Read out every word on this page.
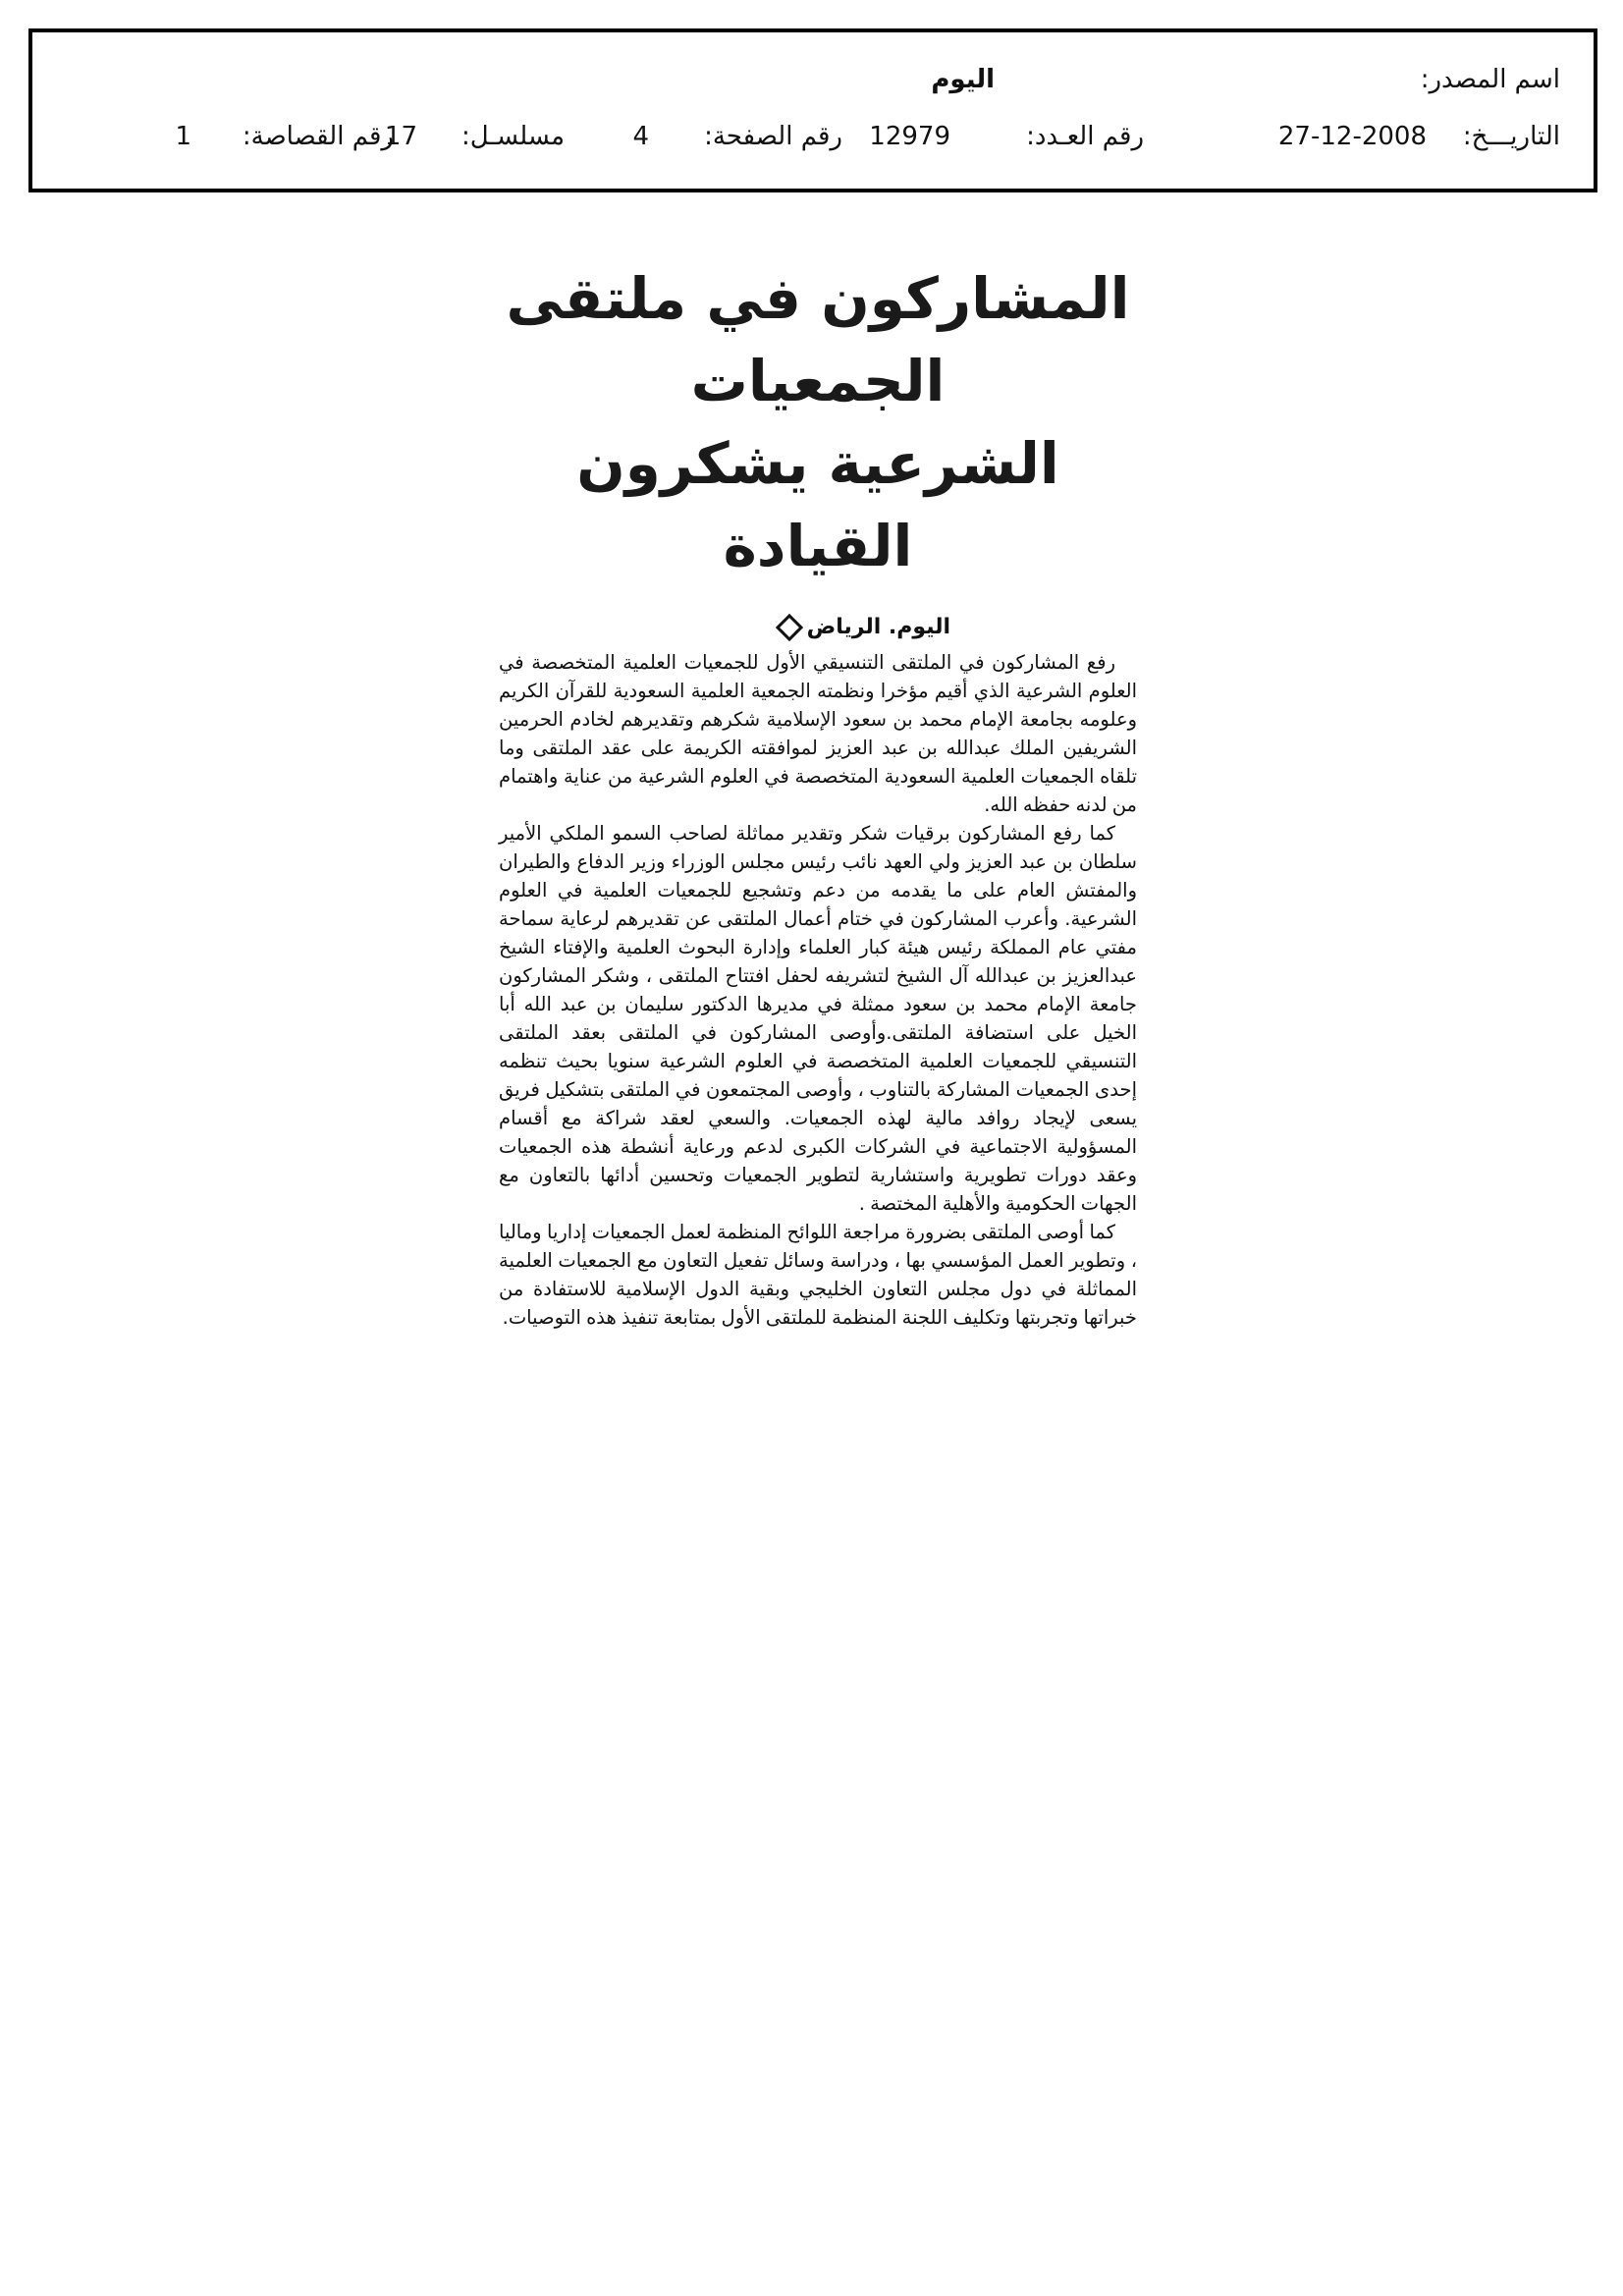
اسم المصدر:
اليوم
التاريـــخ:
27-12-2008
رقم العـدد:
12979
رقم الصفحة:
4
مسلسـل:
17
رقم القصاصة:
1
المشاركون في ملتقى الجمعيات
الشرعية يشكرون القيادة
اليوم. الرياض

رفع المشاركون في الملتقى التنسيقي الأول للجمعيات العلمية المتخصصة في العلوم الشرعية الذي أقيم مؤخرا ونظمته الجمعية العلمية السعودية للقرآن الكريم وعلومه بجامعة الإمام محمد بن سعود الإسلامية شكرهم وتقديرهم لخادم الحرمين الشريفين الملك عبدالله بن عبد العزيز لموافقته الكريمة على عقد الملتقى وما تلقاه الجمعيات العلمية السعودية المتخصصة في العلوم الشرعية من عناية واهتمام من لدنه حفظه الله.

كما رفع المشاركون برقيات شكر وتقدير مماثلة لصاحب السمو الملكي الأمير سلطان بن عبد العزيز ولي العهد نائب رئيس مجلس الوزراء وزير الدفاع والطيران والمفتش العام على ما يقدمه من دعم وتشجيع للجمعيات العلمية في العلوم الشرعية. وأعرب المشاركون في ختام أعمال الملتقى عن تقديرهم لرعاية سماحة مفتي عام المملكة رئيس هيئة كبار العلماء وإدارة البحوث العلمية والإفتاء الشيخ عبدالعزيز بن عبدالله آل الشيخ لتشريفه لحفل افتتاح الملتقى ، وشكر المشاركون جامعة الإمام محمد بن سعود ممثلة في مديرها الدكتور سليمان بن عبد الله أبا الخيل على استضافة الملتقى.وأوصى المشاركون في الملتقى بعقد الملتقى التنسيقي للجمعيات العلمية المتخصصة في العلوم الشرعية سنويا بحيث تنظمه إحدى الجمعيات المشاركة بالتناوب ، وأوصى المجتمعون في الملتقى بتشكيل فريق يسعى لإيجاد روافد مالية لهذه الجمعيات. والسعي لعقد شراكة مع أقسام المسؤولية الاجتماعية في الشركات الكبرى لدعم ورعاية أنشطة هذه الجمعيات وعقد دورات تطويرية واستشارية لتطوير الجمعيات وتحسين أدائها بالتعاون مع الجهات الحكومية والأهلية المختصة .

كما أوصى الملتقى بضرورة مراجعة اللوائح المنظمة لعمل الجمعيات إداريا وماليا ، وتطوير العمل المؤسسي بها ، ودراسة وسائل تفعيل التعاون مع الجمعيات العلمية المماثلة في دول مجلس التعاون الخليجي وبقية الدول الإسلامية للاستفادة من خبراتها وتجربتها وتكليف اللجنة المنظمة للملتقى الأول بمتابعة تنفيذ هذه التوصيات.
